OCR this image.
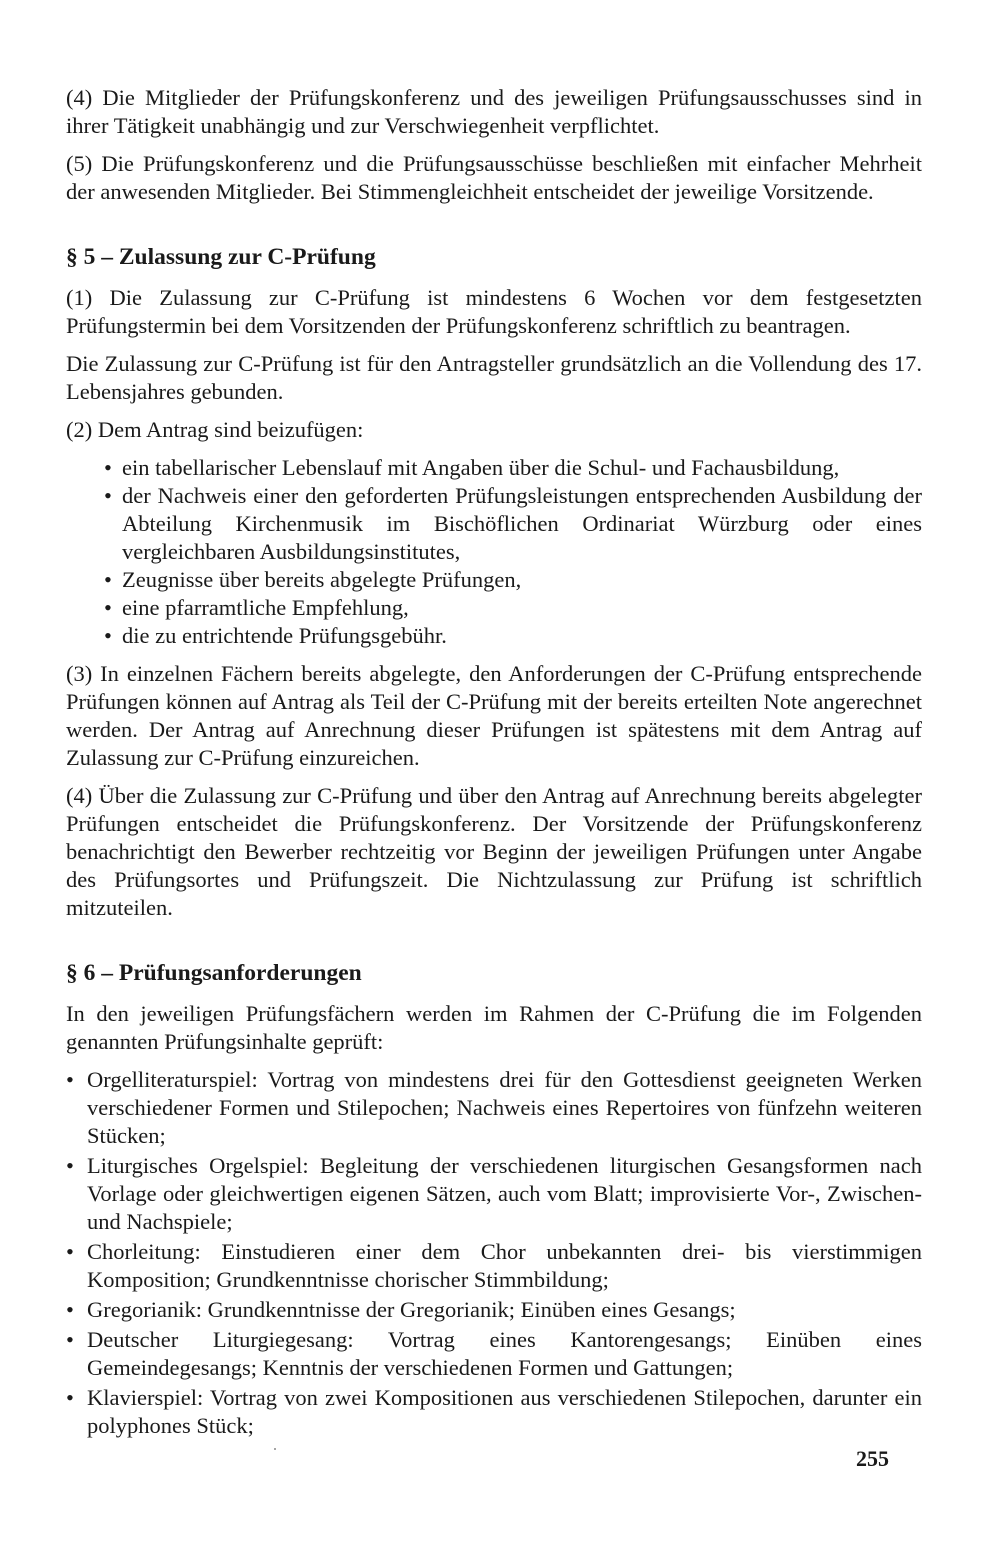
(4) Die Mitglieder der Prüfungskonferenz und des jeweiligen Prüfungsausschusses sind in ihrer Tätigkeit unabhängig und zur Verschwiegenheit verpflichtet.

(5) Die Prüfungskonferenz und die Prüfungsausschüsse beschließen mit einfacher Mehrheit der anwesenden Mitglieder. Bei Stimmengleichheit entscheidet der jeweilige Vorsitzende.

§ 5 – Zulassung zur C-Prüfung

(1) Die Zulassung zur C-Prüfung ist mindestens 6 Wochen vor dem festgesetzten Prüfungstermin bei dem Vorsitzenden der Prüfungskonferenz schriftlich zu beantragen.

Die Zulassung zur C-Prüfung ist für den Antragsteller grundsätzlich an die Vollendung des 17. Lebensjahres gebunden.

(2) Dem Antrag sind beizufügen:

• ein tabellarischer Lebenslauf mit Angaben über die Schul- und Fachausbildung,
• der Nachweis einer den geforderten Prüfungsleistungen entsprechenden Ausbildung der Abteilung Kirchenmusik im Bischöflichen Ordinariat Würzburg oder eines vergleichbaren Ausbildungsinstitutes,
• Zeugnisse über bereits abgelegte Prüfungen,
• eine pfarramtliche Empfehlung,
• die zu entrichtende Prüfungsgebühr.

(3) In einzelnen Fächern bereits abgelegte, den Anforderungen der C-Prüfung entsprechende Prüfungen können auf Antrag als Teil der C-Prüfung mit der bereits erteilten Note angerechnet werden. Der Antrag auf Anrechnung dieser Prüfungen ist spätestens mit dem Antrag auf Zulassung zur C-Prüfung einzureichen.

(4) Über die Zulassung zur C-Prüfung und über den Antrag auf Anrechnung bereits abgelegter Prüfungen entscheidet die Prüfungskonferenz. Der Vorsitzende der Prüfungskonferenz benachrichtigt den Bewerber rechtzeitig vor Beginn der jeweiligen Prüfungen unter Angabe des Prüfungsortes und Prüfungszeit. Die Nichtzulassung zur Prüfung ist schriftlich mitzuteilen.

§ 6 – Prüfungsanforderungen

In den jeweiligen Prüfungsfächern werden im Rahmen der C-Prüfung die im Folgenden genannten Prüfungsinhalte geprüft:

• Orgelliteraturspiel: Vortrag von mindestens drei für den Gottesdienst geeigneten Werken verschiedener Formen und Stilepochen; Nachweis eines Repertoires von fünfzehn weiteren Stücken;
• Liturgisches Orgelspiel: Begleitung der verschiedenen liturgischen Gesangsformen nach Vorlage oder gleichwertigen eigenen Sätzen, auch vom Blatt; improvisierte Vor-, Zwischen- und Nachspiele;
• Chorleitung: Einstudieren einer dem Chor unbekannten drei- bis vierstimmigen Komposition; Grundkenntnisse chorischer Stimmbildung;
• Gregorianik: Grundkenntnisse der Gregorianik; Einüben eines Gesangs;
• Deutscher Liturgiegesang: Vortrag eines Kantorengesangs; Einüben eines Gemeindegesangs; Kenntnis der verschiedenen Formen und Gattungen;
• Klavierspiel: Vortrag von zwei Kompositionen aus verschiedenen Stilepochen, darunter ein polyphones Stück;
255
